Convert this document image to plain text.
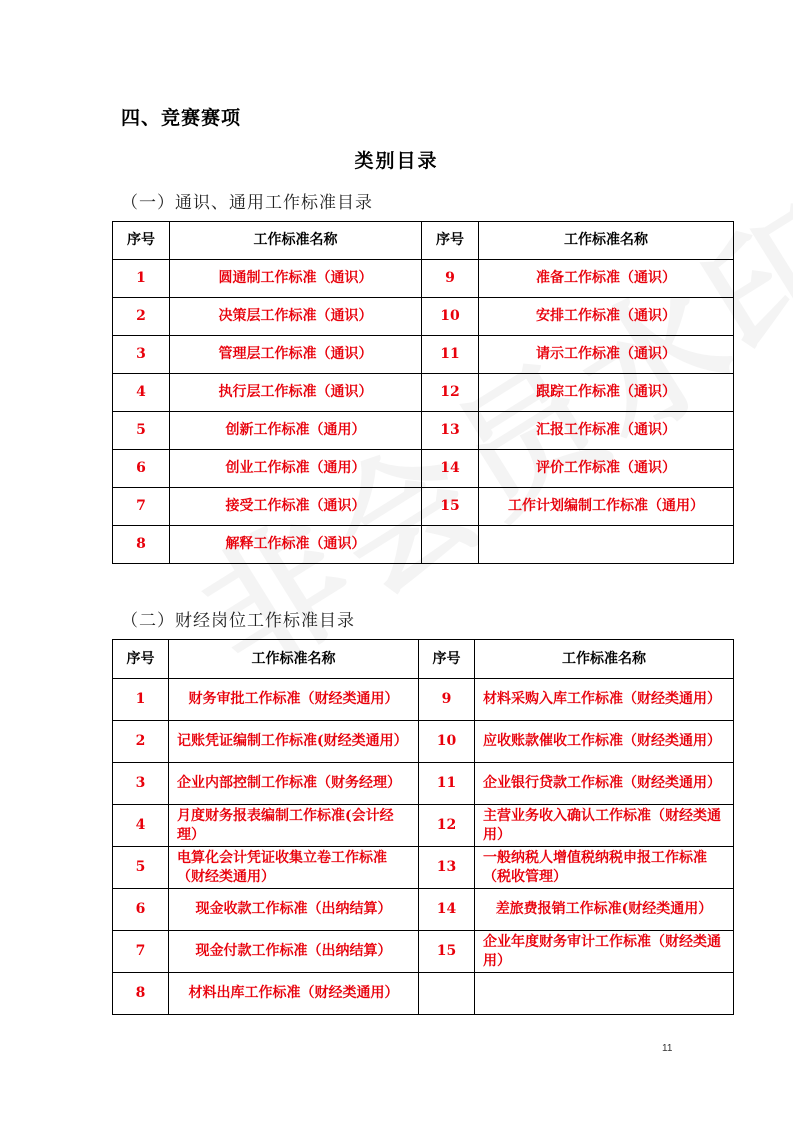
四、竞赛赛项
类别目录
（一）通识、通用工作标准目录
序号	工作标准名称	序号	工作标准名称
1	圆通制工作标准（通识）	9	准备工作标准（通识）
2	决策层工作标准（通识）	10	安排工作标准（通识）
3	管理层工作标准（通识）	11	请示工作标准（通识）
4	执行层工作标准（通识）	12	跟踪工作标准（通识）
5	创新工作标准（通用）	13	汇报工作标准（通识）
6	创业工作标准（通用）	14	评价工作标准（通识）
7	接受工作标准（通识）	15	工作计划编制工作标准（通用）
8	解释工作标准（通识）		
（二）财经岗位工作标准目录
序号	工作标准名称	序号	工作标准名称
1	财务审批工作标准（财经类通用）	9	材料采购入库工作标准（财经类通用）
2	记账凭证编制工作标准(财经类通用）	10	应收账款催收工作标准（财经类通用）
3	企业内部控制工作标准（财务经理）	11	企业银行贷款工作标准（财经类通用）
4	月度财务报表编制工作标准(会计经理）	12	主营业务收入确认工作标准（财经类通用）
5	电算化会计凭证收集立卷工作标准（财经类通用）	13	一般纳税人增值税纳税申报工作标准（税收管理）
6	现金收款工作标准（出纳结算）	14	差旅费报销工作标准(财经类通用）
7	现金付款工作标准（出纳结算）	15	企业年度财务审计工作标准（财经类通用）
8	材料出库工作标准（财经类通用）		
11
